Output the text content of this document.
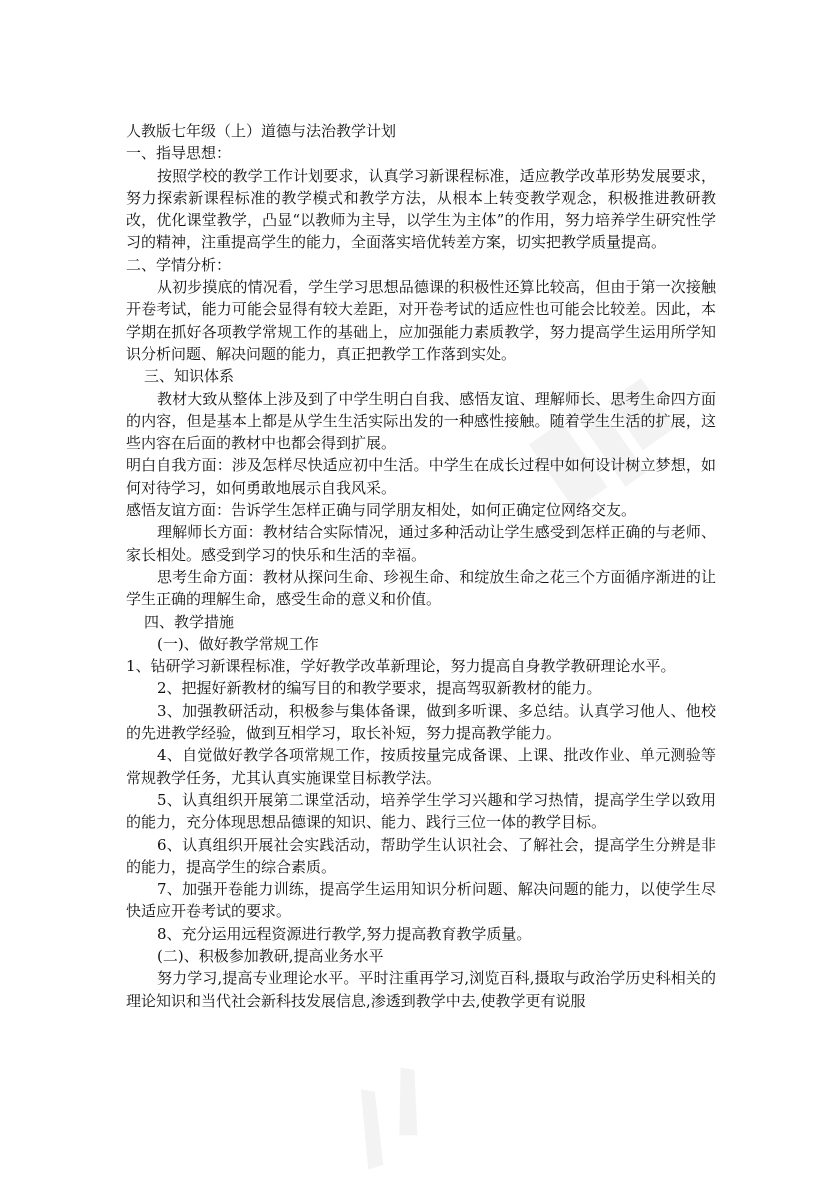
人教版七年级（上）道德与法治教学计划

一、指导思想：

按照学校的教学工作计划要求，认真学习新课程标准，适应教学改革形势发展要求，努力探索新课程标准的教学模式和教学方法，从根本上转变教学观念，积极推进教研教改，优化课堂教学，凸显“以教师为主导，以学生为主体”的作用，努力培养学生研究性学习的精神，注重提高学生的能力，全面落实培优转差方案，切实把教学质量提高。

二、学情分析：

从初步摸底的情况看，学生学习思想品德课的积极性还算比较高，但由于第一次接触开卷考试，能力可能会显得有较大差距，对开卷考试的适应性也可能会比较差。因此，本学期在抓好各项教学常规工作的基础上，应加强能力素质教学，努力提高学生运用所学知识分析问题、解决问题的能力，真正把教学工作落到实处。

三、知识体系

教材大致从整体上涉及到了中学生明白自我、感悟友谊、理解师长、思考生命四方面的内容，但是基本上都是从学生生活实际出发的一种感性接触。随着学生生活的扩展，这些内容在后面的教材中也都会得到扩展。

明白自我方面：涉及怎样尽快适应初中生活。中学生在成长过程中如何设计树立梦想，如何对待学习，如何勇敢地展示自我风采。

感悟友谊方面：告诉学生怎样正确与同学朋友相处，如何正确定位网络交友。

理解师长方面：教材结合实际情况，通过多种活动让学生感受到怎样正确的与老师、家长相处。感受到学习的快乐和生活的幸福。

思考生命方面：教材从探问生命、珍视生命、和绽放生命之花三个方面循序渐进的让学生正确的理解生命，感受生命的意义和价值。

四、教学措施

(一)、做好教学常规工作

1、钻研学习新课程标准，学好教学改革新理论，努力提高自身教学教研理论水平。

2、把握好新教材的编写目的和教学要求，提高驾驭新教材的能力。

3、加强教研活动，积极参与集体备课，做到多听课、多总结。认真学习他人、他校的先进教学经验，做到互相学习，取长补短，努力提高教学能力。

4、自觉做好教学各项常规工作，按质按量完成备课、上课、批改作业、单元测验等常规教学任务，尤其认真实施课堂目标教学法。

5、认真组织开展第二课堂活动，培养学生学习兴趣和学习热情，提高学生学以致用的能力，充分体现思想品德课的知识、能力、践行三位一体的教学目标。

6、认真组织开展社会实践活动，帮助学生认识社会、了解社会，提高学生分辨是非的能力，提高学生的综合素质。

7、加强开卷能力训练，提高学生运用知识分析问题、解决问题的能力，以使学生尽快适应开卷考试的要求。

8、充分运用远程资源进行教学,努力提高教育教学质量。

(二)、积极参加教研,提高业务水平

努力学习,提高专业理论水平。平时注重再学习,浏览百科,摄取与政治学历史科相关的理论知识和当代社会新科技发展信息,渗透到教学中去,使教学更有说服
